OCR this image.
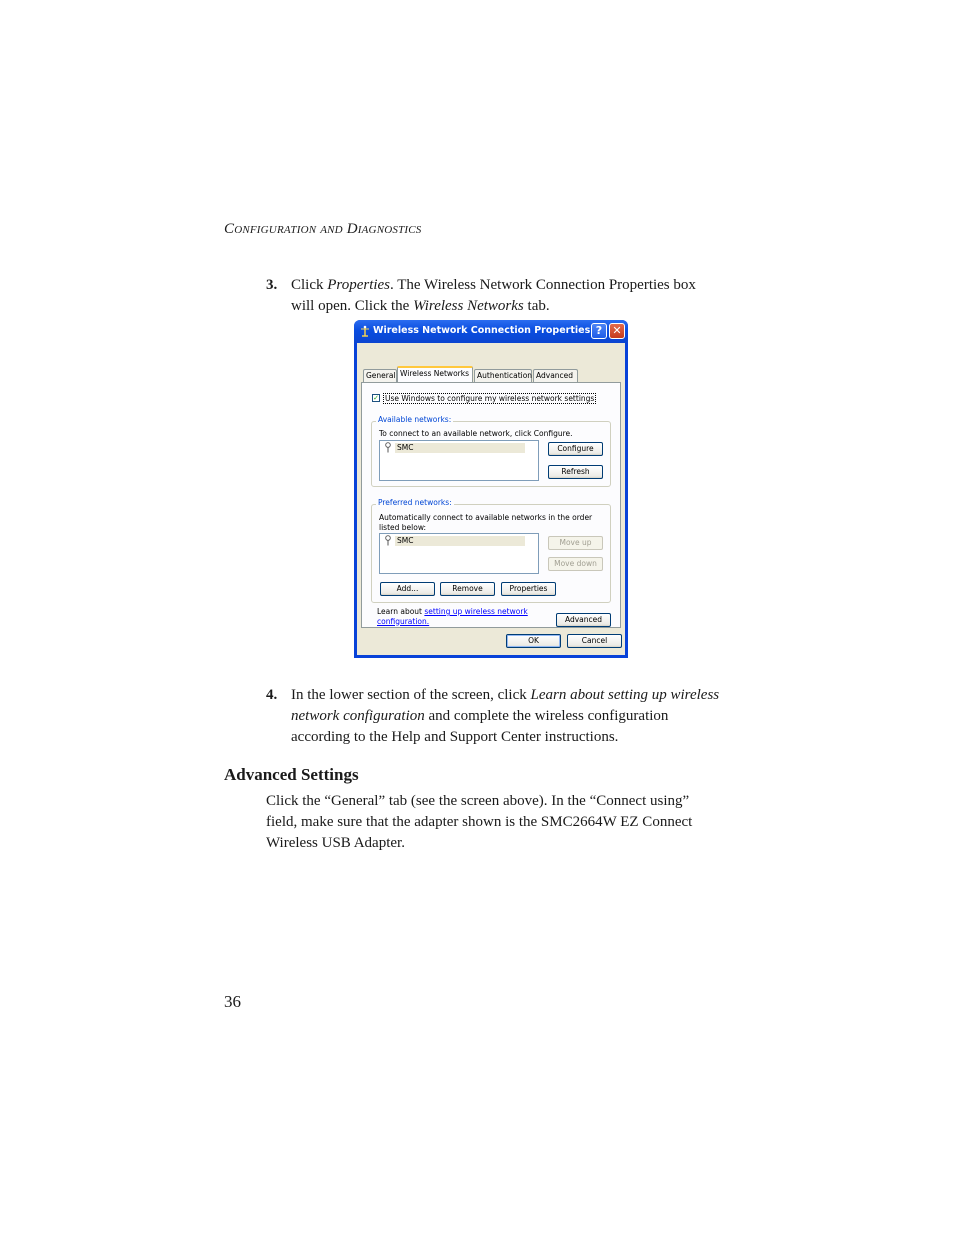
Configuration and Diagnostics
3. Click Properties. The Wireless Network Connection Properties box will open. Click the Wireless Networks tab.
Wireless Network Connection Properties ? ✕
General Wireless Networks	Authentication Advanced
✓ Use Windows to configure my wireless network settings
Available networks:
To connect to an available network, click Configure.
SMC	Configure
Refresh
Preferred networks:
Automatically connect to available networks in the order listed below:
SMC	Move up
Move down
Add...	Remove	Properties
Learn about setting up wireless network configuration.	Advanced
OK	Cancel
4. In the lower section of the screen, click Learn about setting up wireless network configuration and complete the wireless configuration according to the Help and Support Center instructions.
Advanced Settings
Click the “General” tab (see the screen above). In the “Connect using” field, make sure that the adapter shown is the SMC2664W EZ Connect Wireless USB Adapter.
36
